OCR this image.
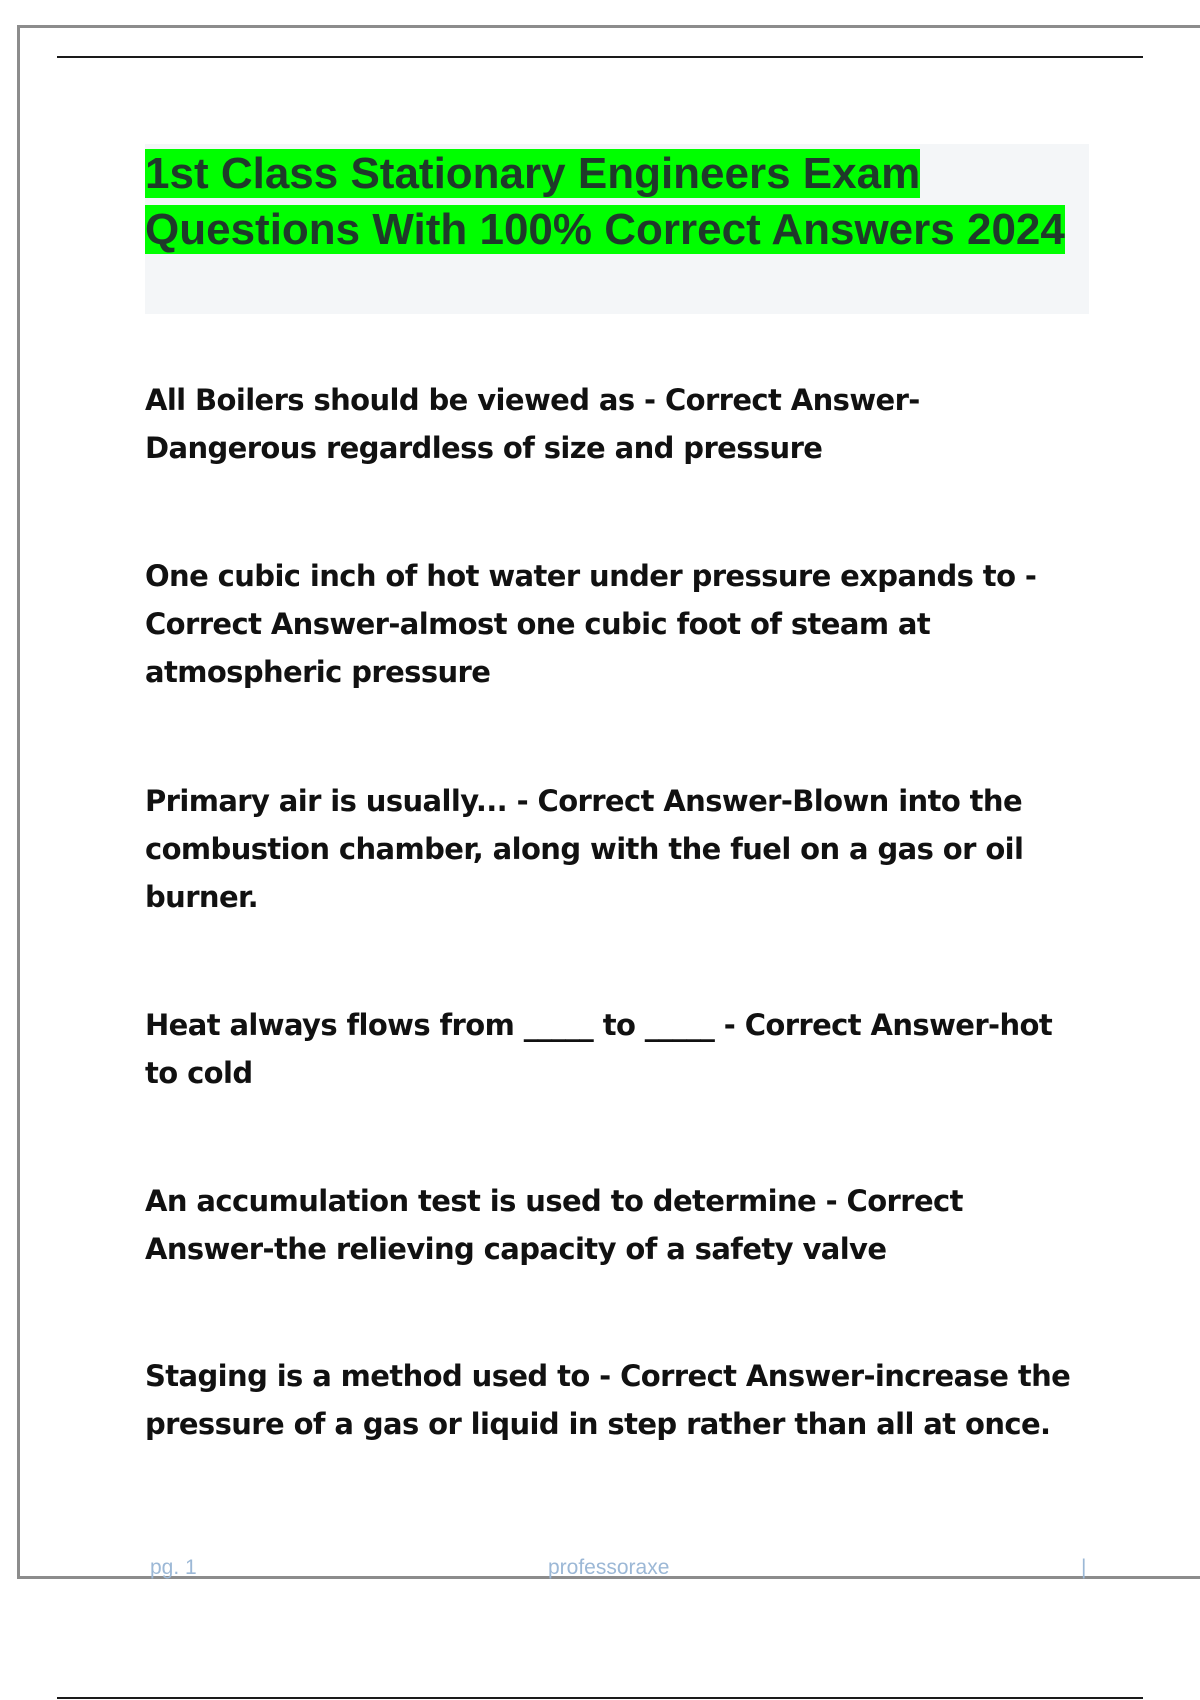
1st Class Stationary Engineers Exam Questions With 100% Correct Answers 2024

All Boilers should be viewed as - Correct Answer-Dangerous regardless of size and pressure

One cubic inch of hot water under pressure expands to - Correct Answer-almost one cubic foot of steam at atmospheric pressure

Primary air is usually... - Correct Answer-Blown into the combustion chamber, along with the fuel on a gas or oil burner.

Heat always flows from _____ to _____ - Correct Answer-hot to cold

An accumulation test is used to determine - Correct Answer-the relieving capacity of a safety valve

Staging is a method used to - Correct Answer-increase the pressure of a gas or liquid in step rather than all at once.

pg. 1	professoraxe	|
